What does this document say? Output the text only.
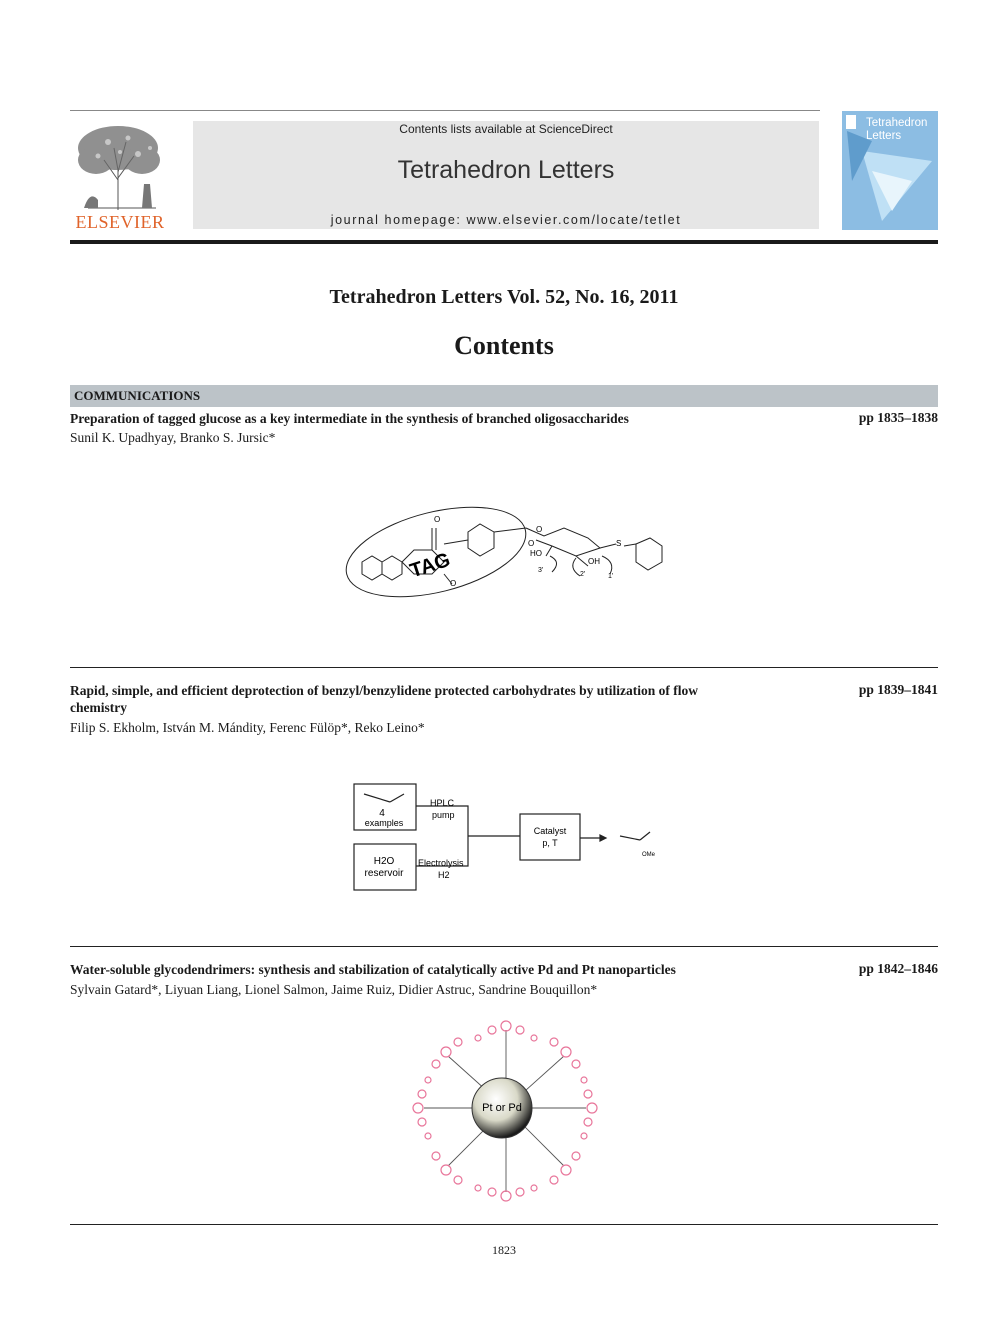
ELSEVIER
Contents lists available at ScienceDirect
Tetrahedron Letters
journal homepage: www.elsevier.com/locate/tetlet
Tetrahedron
Letters
Tetrahedron Letters Vol. 52, No. 16, 2011
Contents
COMMUNICATIONS
Preparation of tagged glucose as a key intermediate in the synthesis of branched oligosaccharides	pp 1835–1838
Sunil K. Upadhyay, Branko S. Jursic*
O
O
O
O
TAG	HO
OH
S
3'
2'	1'
Rapid, simple, and efficient deprotection of benzyl/benzylidene protected carbohydrates by utilization of flow
chemistry
pp 1839–1841
Filip S. Ekholm, István M. Mándity, Ferenc Fülöp*, Reko Leino*
4
examples
HPLC
pump
H2O
reservoir
Electrolysis
H2
Catalyst
p, T
OMe
Water-soluble glycodendrimers: synthesis and stabilization of catalytically active Pd and Pt nanoparticles	pp 1842–1846
Sylvain Gatard*, Liyuan Liang, Lionel Salmon, Jaime Ruiz, Didier Astruc, Sandrine Bouquillon*
Pt or Pd
1823
